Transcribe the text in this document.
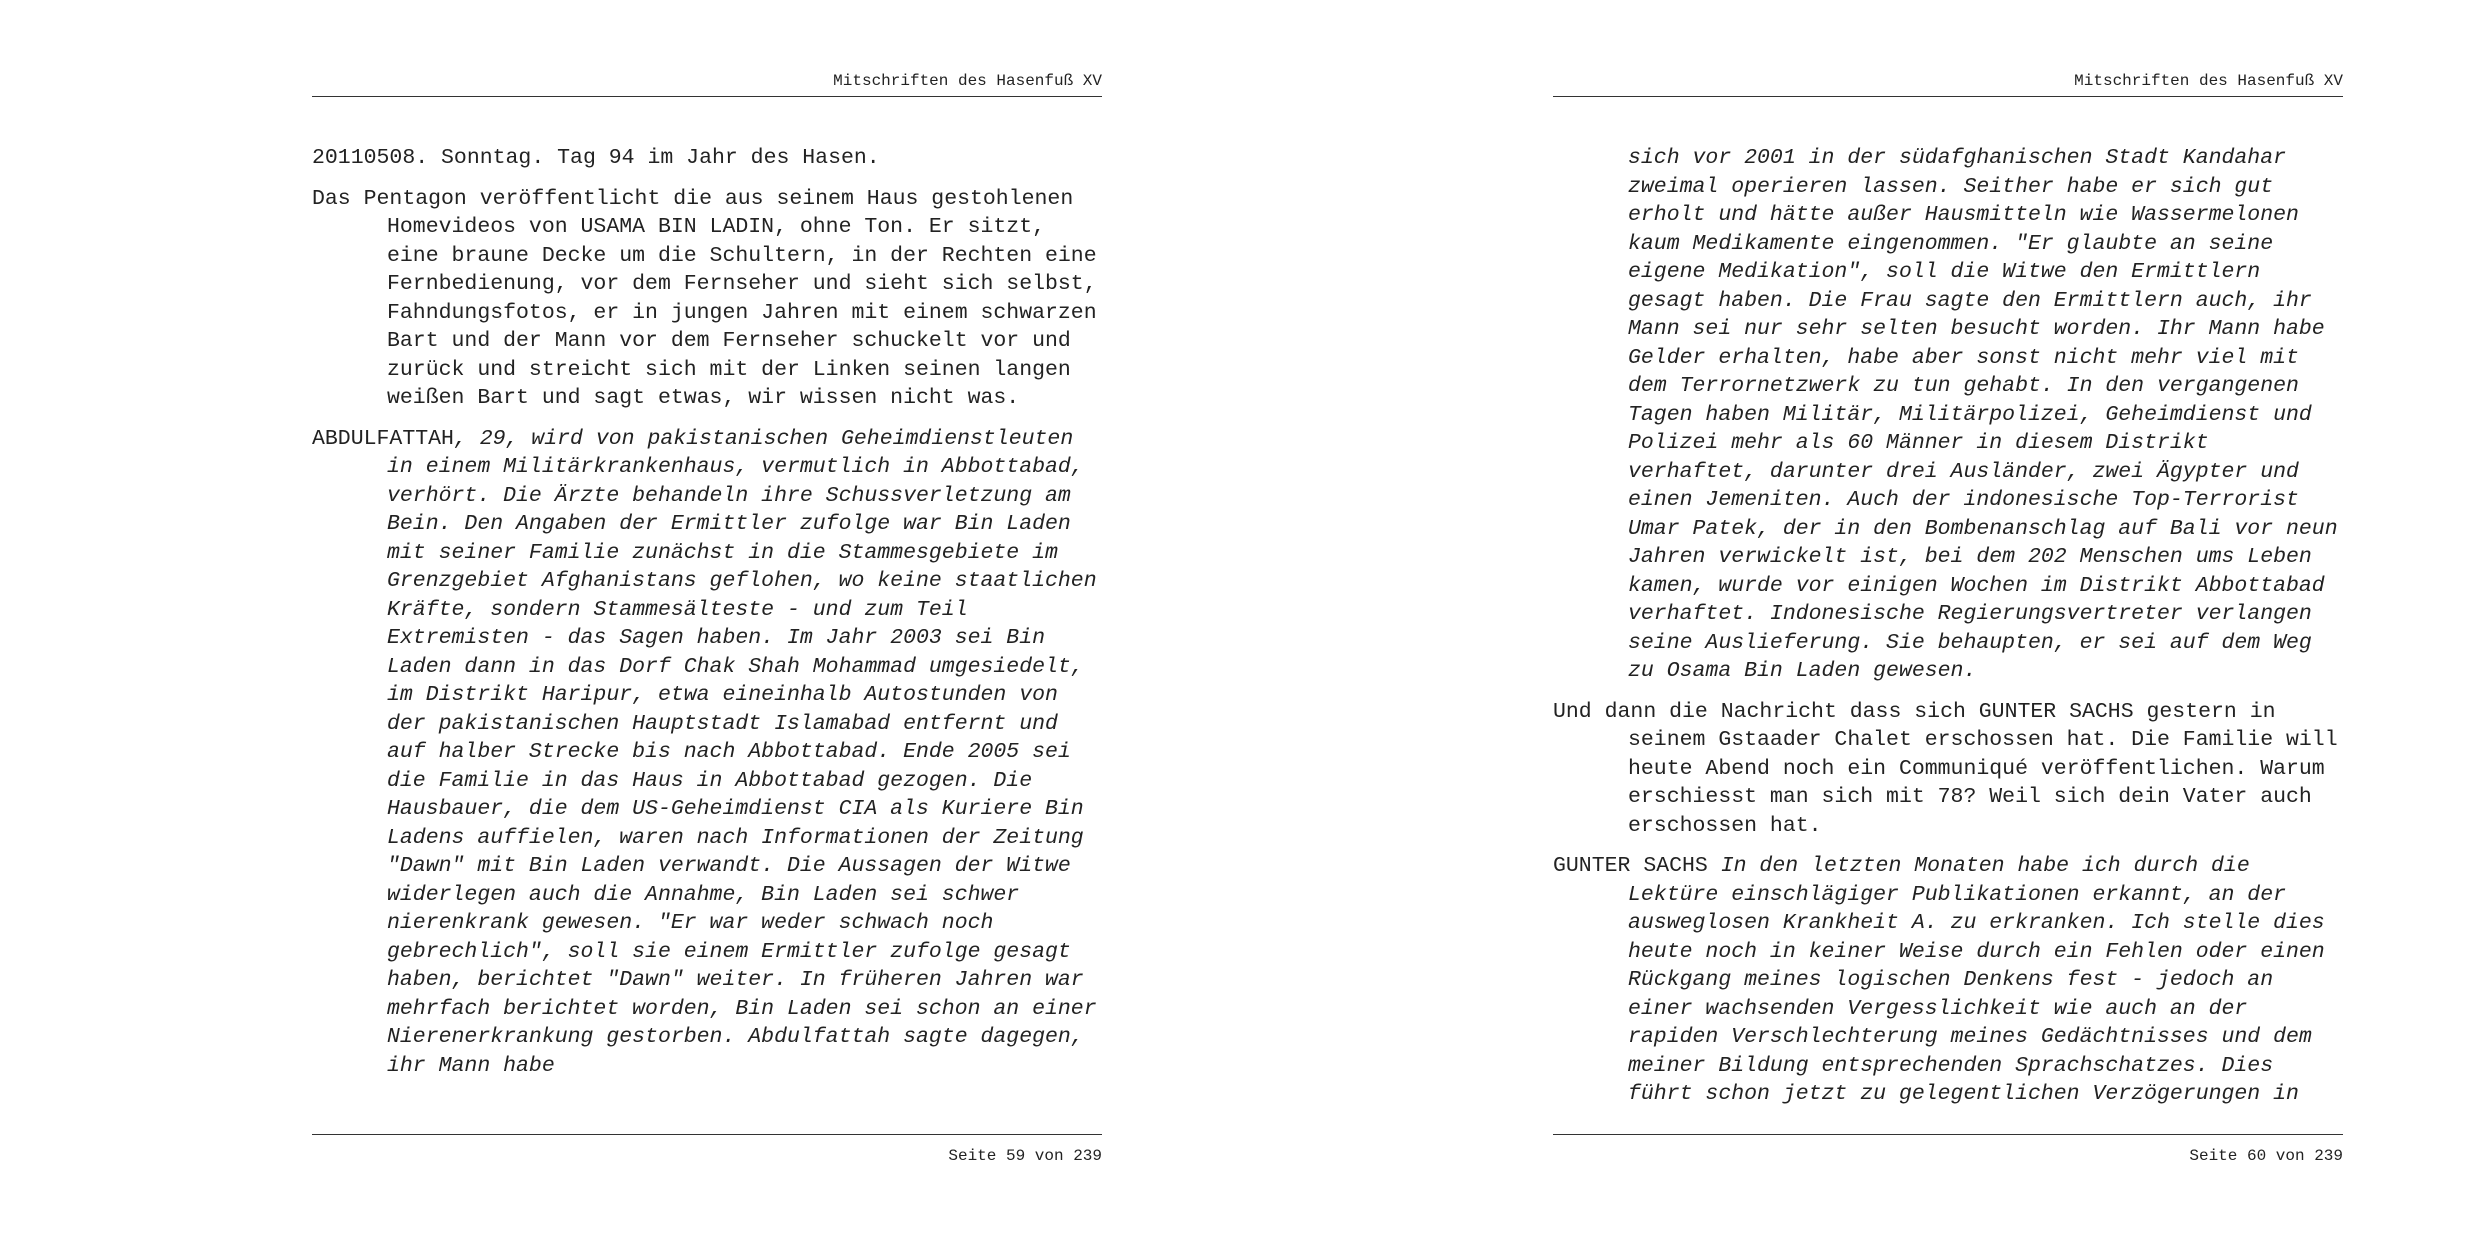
Mitschriften des Hasenfuß XV
20110508. Sonntag. Tag 94 im Jahr des Hasen.
Das Pentagon veröffentlicht die aus seinem Haus gestohlenen Homevideos von USAMA BIN LADIN, ohne Ton. Er sitzt, eine braune Decke um die Schultern, in der Rechten eine Fernbedienung, vor dem Fernseher und sieht sich selbst, Fahndungsfotos, er in jungen Jahren mit einem schwarzen Bart und der Mann vor dem Fernseher schuckelt vor und zurück und streicht sich mit der Linken seinen langen weißen Bart und sagt etwas, wir wissen nicht was.
ABDULFATTAH, 29, wird von pakistanischen Geheimdienstleuten in einem Militärkrankenhaus, vermutlich in Abbottabad, verhört. Die Ärzte behandeln ihre Schussverletzung am Bein. Den Angaben der Ermittler zufolge war Bin Laden mit seiner Familie zunächst in die Stammesgebiete im Grenzgebiet Afghanistans geflohen, wo keine staatlichen Kräfte, sondern Stammesälteste - und zum Teil Extremisten - das Sagen haben. Im Jahr 2003 sei Bin Laden dann in das Dorf Chak Shah Mohammad umgesiedelt, im Distrikt Haripur, etwa eineinhalb Autostunden von der pakistanischen Hauptstadt Islamabad entfernt und auf halber Strecke bis nach Abbottabad. Ende 2005 sei die Familie in das Haus in Abbottabad gezogen. Die Hausbauer, die dem US-Geheimdienst CIA als Kuriere Bin Ladens auffielen, waren nach Informationen der Zeitung "Dawn" mit Bin Laden verwandt. Die Aussagen der Witwe widerlegen auch die Annahme, Bin Laden sei schwer nierenkrank gewesen. "Er war weder schwach noch gebrechlich", soll sie einem Ermittler zufolge gesagt haben, berichtet "Dawn" weiter. In früheren Jahren war mehrfach berichtet worden, Bin Laden sei schon an einer Nierenerkrankung gestorben. Abdulfattah sagte dagegen, ihr Mann habe
Seite 59 von 239
Mitschriften des Hasenfuß XV
sich vor 2001 in der südafghanischen Stadt Kandahar zweimal operieren lassen. Seither habe er sich gut erholt und hätte außer Hausmitteln wie Wassermelonen kaum Medikamente eingenommen. "Er glaubte an seine eigene Medikation", soll die Witwe den Ermittlern gesagt haben. Die Frau sagte den Ermittlern auch, ihr Mann sei nur sehr selten besucht worden. Ihr Mann habe Gelder erhalten, habe aber sonst nicht mehr viel mit dem Terrornetzwerk zu tun gehabt. In den vergangenen Tagen haben Militär, Militärpolizei, Geheimdienst und Polizei mehr als 60 Männer in diesem Distrikt verhaftet, darunter drei Ausländer, zwei Ägypter und einen Jemeniten. Auch der indonesische Top-Terrorist Umar Patek, der in den Bombenanschlag auf Bali vor neun Jahren verwickelt ist, bei dem 202 Menschen ums Leben kamen, wurde vor einigen Wochen im Distrikt Abbottabad verhaftet. Indonesische Regierungsvertreter verlangen seine Auslieferung. Sie behaupten, er sei auf dem Weg zu Osama Bin Laden gewesen.
Und dann die Nachricht dass sich GUNTER SACHS gestern in seinem Gstaader Chalet erschossen hat. Die Familie will heute Abend noch ein Communiqué veröffentlichen. Warum erschiesst man sich mit 78? Weil sich dein Vater auch erschossen hat.
GUNTER SACHS In den letzten Monaten habe ich durch die Lektüre einschlägiger Publikationen erkannt, an der ausweglosen Krankheit A. zu erkranken. Ich stelle dies heute noch in keiner Weise durch ein Fehlen oder einen Rückgang meines logischen Denkens fest - jedoch an einer wachsenden Vergesslichkeit wie auch an der rapiden Verschlechterung meines Gedächtnisses und dem meiner Bildung entsprechenden Sprachschatzes. Dies führt schon jetzt zu gelegentlichen Verzögerungen in
Seite 60 von 239
